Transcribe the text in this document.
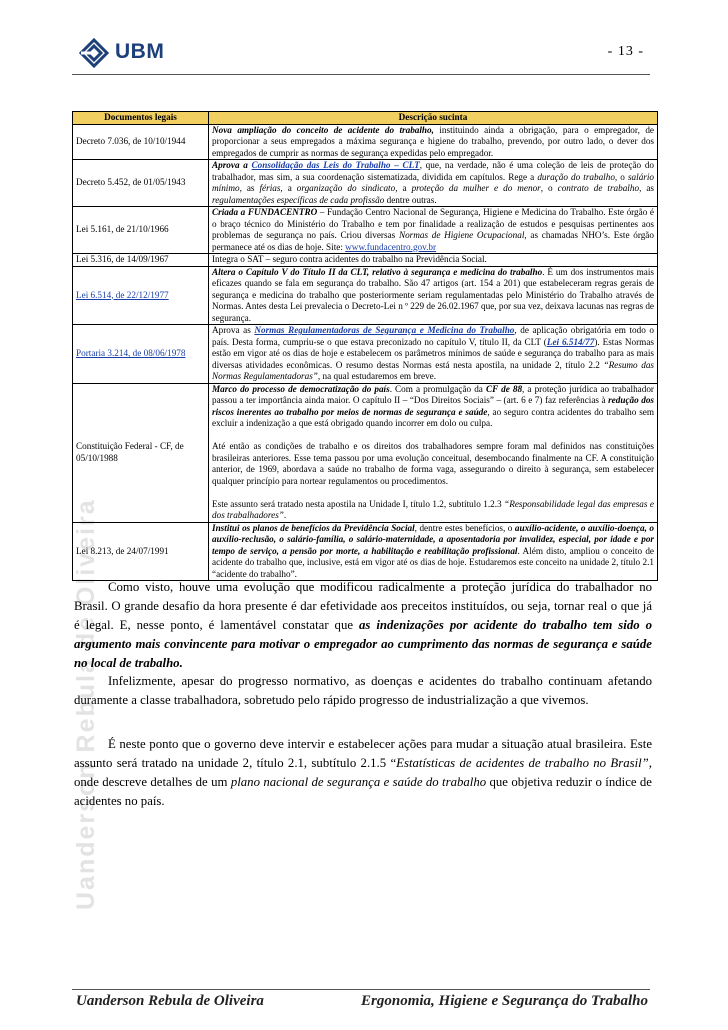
UBM	- 13 -
Uanderson Rebula de Oliveira
Documentos legais	Descrição sucinta
Decreto 7.036, de 10/10/1944	Nova ampliação do conceito de acidente do trabalho, instituindo ainda a obrigação, para o empregador, de proporcionar a seus empregados a máxima segurança e higiene do trabalho, prevendo, por outro lado, o dever dos empregados de cumprir as normas de segurança expedidas pelo empregador.
Decreto 5.452, de 01/05/1943	Aprova a Consolidação das Leis do Trabalho – CLT, que, na verdade, não é uma coleção de leis de proteção do trabalhador, mas sim, a sua coordenação sistematizada, dividida em capítulos. Rege a duração do trabalho, o salário mínimo, as férias, a organização do sindicato, a proteção da mulher e do menor, o contrato de trabalho, as regulamentações específicas de cada profissão dentre outras.
Lei 5.161, de 21/10/1966	Criada a FUNDACENTRO – Fundação Centro Nacional de Segurança, Higiene e Medicina do Trabalho. Este órgão é o braço técnico do Ministério do Trabalho e tem por finalidade a realização de estudos e pesquisas pertinentes aos problemas de segurança no país. Criou diversas Normas de Higiene Ocupacional, as chamadas NHO’s. Este órgão permanece até os dias de hoje. Site: www.fundacentro.gov.br
Lei 5.316, de 14/09/1967	Integra o SAT – seguro contra acidentes do trabalho na Previdência Social.
Lei 6.514, de 22/12/1977	Altera o Capítulo V do Título II da CLT, relativo à segurança e medicina do trabalho. É um dos instrumentos mais eficazes quando se fala em segurança do trabalho. São 47 artigos (art. 154 a 201) que estabeleceram regras gerais de segurança e medicina do trabalho que posteriormente seriam regulamentadas pelo Ministério do Trabalho através de Normas. Antes desta Lei prevalecia o Decreto-Lei n º 229 de 26.02.1967 que, por sua vez, deixava lacunas nas regras de segurança.
Portaria 3.214, de 08/06/1978	Aprova as Normas Regulamentadoras de Segurança e Medicina do Trabalho, de aplicação obrigatória em todo o país. Desta forma, cumpriu-se o que estava preconizado no capítulo V, título II, da CLT (Lei 6.514/77). Estas Normas estão em vigor até os dias de hoje e estabelecem os parâmetros mínimos de saúde e segurança do trabalho para as mais diversas atividades econômicas. O resumo destas Normas está nesta apostila, na unidade 2, título 2.2 “Resumo das Normas Regulamentadoras”, na qual estudaremos em breve.
Constituição Federal - CF, de 05/10/1988	Marco do processo de democratização do país. Com a promulgação da CF de 88, a proteção jurídica ao trabalhador passou a ter importância ainda maior. O capítulo II – “Dos Direitos Sociais” – (art. 6 e 7) faz referências à redução dos riscos inerentes ao trabalho por meios de normas de segurança e saúde, ao seguro contra acidentes do trabalho sem excluir a indenização a que está obrigado quando incorrer em dolo ou culpa.

Até então as condições de trabalho e os direitos dos trabalhadores sempre foram mal definidos nas constituições brasileiras anteriores. Esse tema passou por uma evolução conceitual, desembocando finalmente na CF. A constituição anterior, de 1969, abordava a saúde no trabalho de forma vaga, assegurando o direito à segurança, sem estabelecer qualquer princípio para nortear regulamentos ou procedimentos.

Este assunto será tratado nesta apostila na Unidade I, título 1.2, subtítulo 1.2.3 “Responsabilidade legal das empresas e dos trabalhadores”.
Lei 8.213, de 24/07/1991	Institui os planos de benefícios da Previdência Social, dentre estes benefícios, o auxílio-acidente, o auxílio-doença, o auxílio-reclusão, o salário-família, o salário-maternidade, a aposentadoria por invalidez, especial, por idade e por tempo de serviço, a pensão por morte, a habilitação e reabilitação profissional. Além disto, ampliou o conceito de acidente do trabalho que, inclusive, está em vigor até os dias de hoje. Estudaremos este conceito na unidade 2, título 2.1 “acidente do trabalho”.

Como visto, houve uma evolução que modificou radicalmente a proteção jurídica do trabalhador no Brasil. O grande desafio da hora presente é dar efetividade aos preceitos instituídos, ou seja, tornar real o que já é legal. E, nesse ponto, é lamentável constatar que as indenizações por acidente do trabalho tem sido o argumento mais convincente para motivar o empregador ao cumprimento das normas de segurança e saúde no local de trabalho.

Infelizmente, apesar do progresso normativo, as doenças e acidentes do trabalho continuam afetando duramente a classe trabalhadora, sobretudo pelo rápido progresso de industrialização a que vivemos.

É neste ponto que o governo deve intervir e estabelecer ações para mudar a situação atual brasileira. Este assunto será tratado na unidade 2, título 2.1, subtítulo 2.1.5 “Estatísticas de acidentes de trabalho no Brasil”, onde descreve detalhes de um plano nacional de segurança e saúde do trabalho que objetiva reduzir o índice de acidentes no país.

Uanderson Rebula de Oliveira	Ergonomia, Higiene e Segurança do Trabalho
